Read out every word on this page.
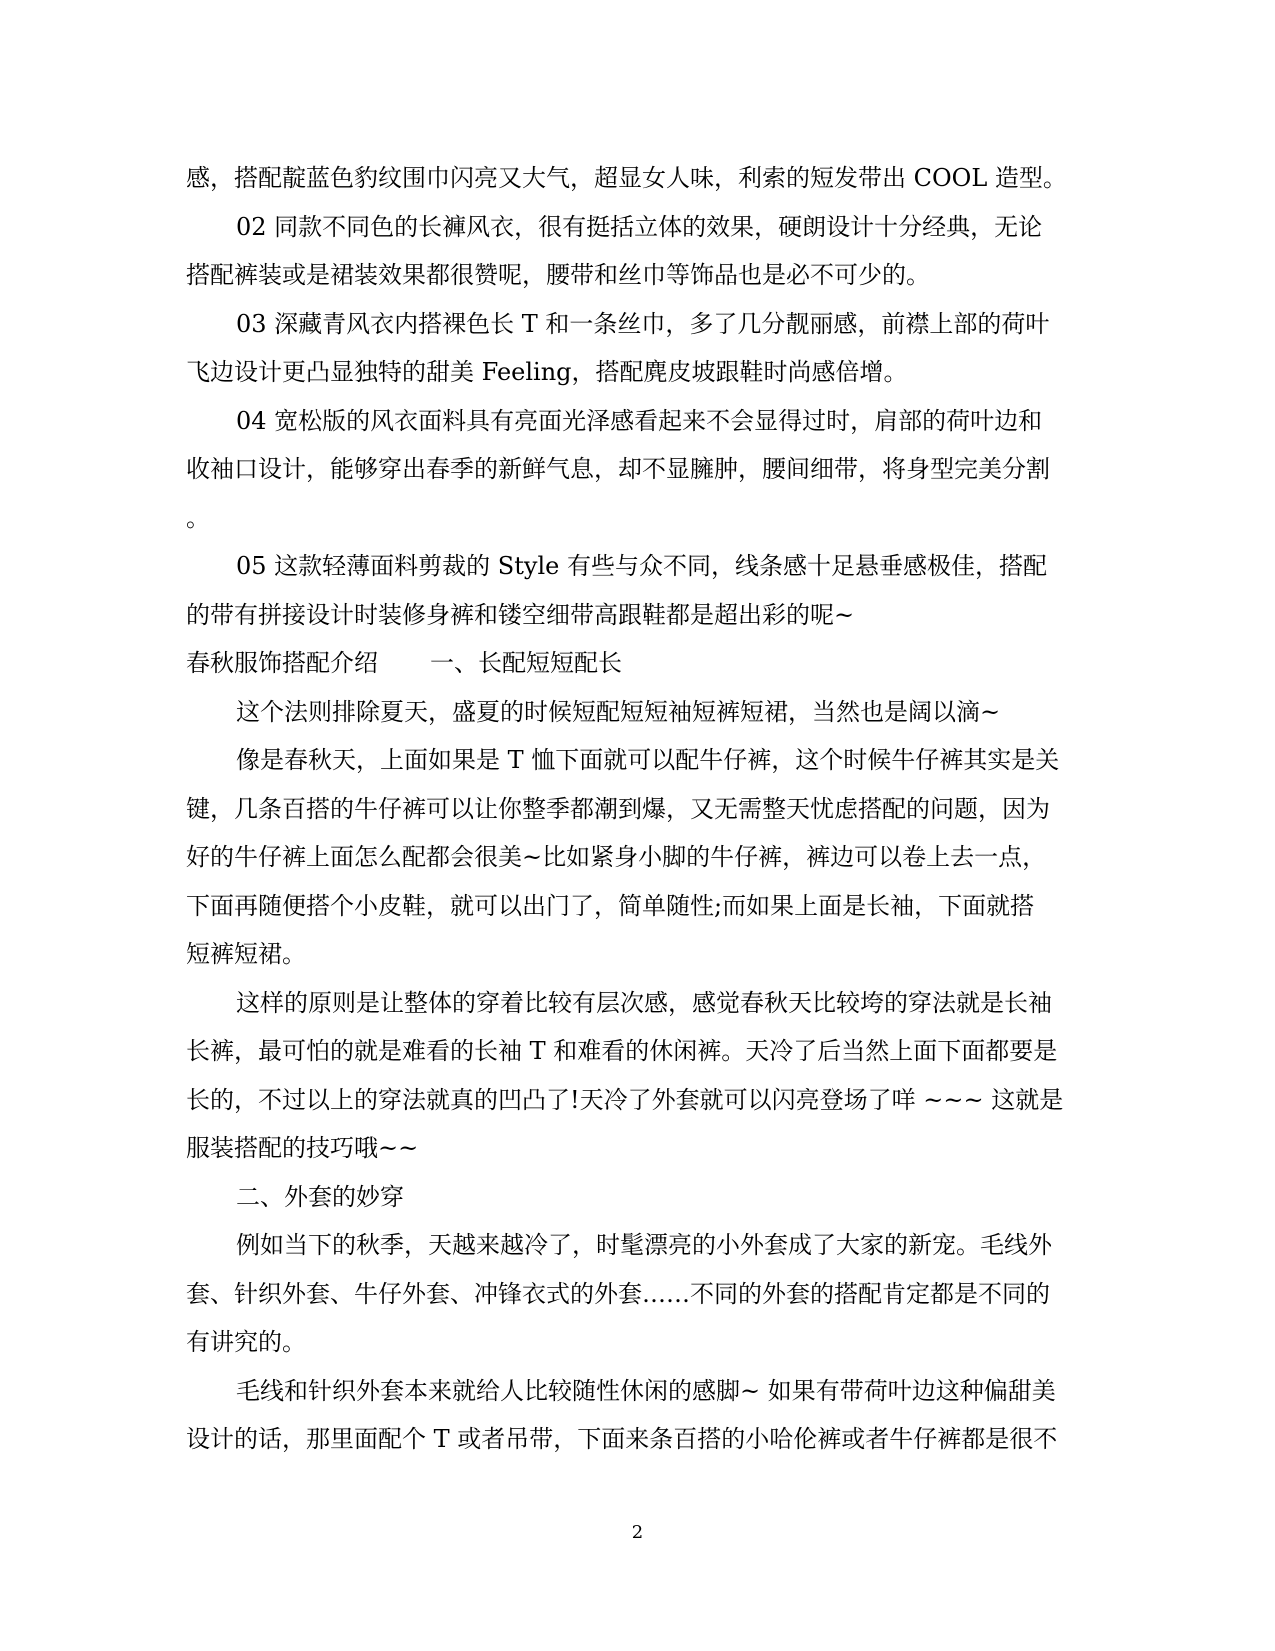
感，搭配靛蓝色豹纹围巾闪亮又大气，超显女人味，利索的短发带出 COOL 造型。
02 同款不同色的长褲风衣，很有挺括立体的效果，硬朗设计十分经典，无论
搭配裤装或是裙装效果都很赞呢，腰带和丝巾等饰品也是必不可少的。
03 深藏青风衣内搭裸色长 T 和一条丝巾，多了几分靓丽感，前襟上部的荷叶
飞边设计更凸显独特的甜美 Feeling，搭配麂皮坡跟鞋时尚感倍增。
04 宽松版的风衣面料具有亮面光泽感看起来不会显得过时，肩部的荷叶边和
收袖口设计，能够穿出春季的新鲜气息，却不显臃肿，腰间细带，将身型完美分割
。
05 这款轻薄面料剪裁的 Style 有些与众不同，线条感十足悬垂感极佳，搭配
的带有拼接设计时装修身裤和镂空细带高跟鞋都是超出彩的呢~
春秋服饰搭配介绍 一、长配短短配长
这个法则排除夏天，盛夏的时候短配短短袖短裤短裙，当然也是阔以滴~
像是春秋天，上面如果是 T 恤下面就可以配牛仔裤，这个时候牛仔裤其实是关
键，几条百搭的牛仔裤可以让你整季都潮到爆，又无需整天忧虑搭配的问题，因为
好的牛仔裤上面怎么配都会很美~比如紧身小脚的牛仔裤，裤边可以卷上去一点，
下面再随便搭个小皮鞋，就可以出门了，简单随性;而如果上面是长袖，下面就搭
短裤短裙。
这样的原则是让整体的穿着比较有层次感，感觉春秋天比较垮的穿法就是长袖
长裤，最可怕的就是难看的长袖 T 和难看的休闲裤。天冷了后当然上面下面都要是
长的，不过以上的穿法就真的凹凸了!天冷了外套就可以闪亮登场了咩 ~~~ 这就是
服装搭配的技巧哦~~
二、外套的妙穿
例如当下的秋季，天越来越冷了，时髦漂亮的小外套成了大家的新宠。毛线外
套、针织外套、牛仔外套、冲锋衣式的外套……不同的外套的搭配肯定都是不同的
有讲究的。
毛线和针织外套本来就给人比较随性休闲的感脚~ 如果有带荷叶边这种偏甜美
设计的话，那里面配个 T 或者吊带，下面来条百搭的小哈伦裤或者牛仔裤都是很不
2
